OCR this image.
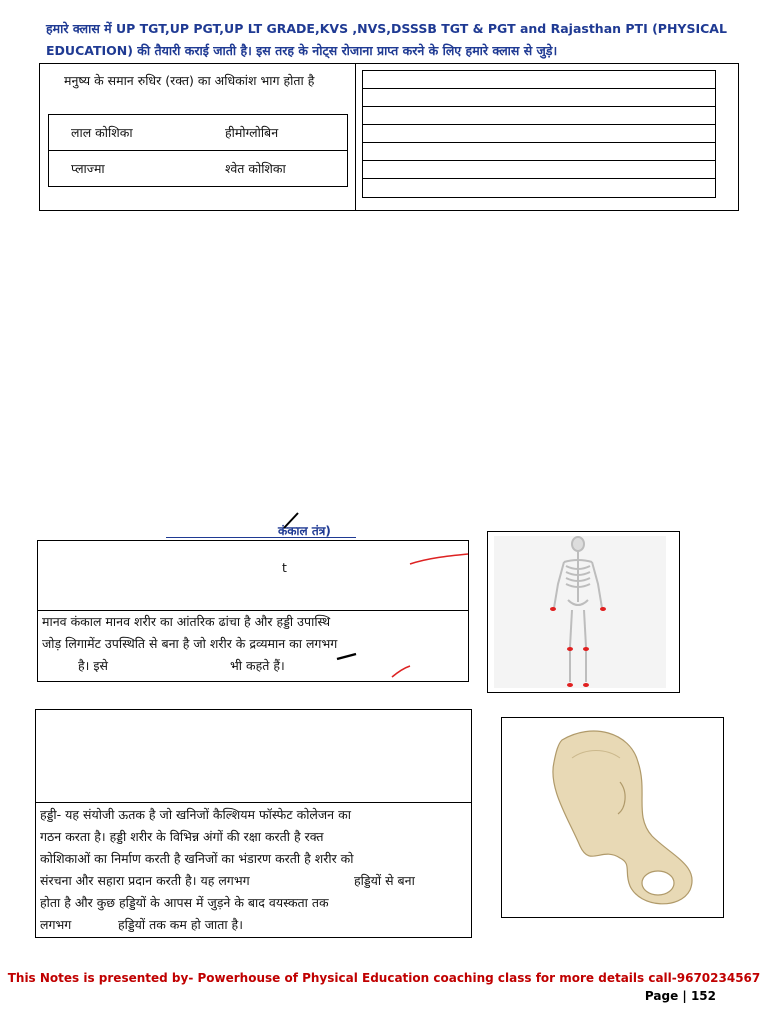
हमारे क्लास में UP TGT,UP PGT,UP LT GRADE,KVS ,NVS,DSSSB TGT & PGT and Rajasthan PTI (PHYSICAL
EDUCATION) की तैयारी कराई जाती है। इस तरह के नोट्स रोजाना प्राप्त करने के लिए हमारे क्लास से जुड़े।
मनुष्य के समान रुधिर (रक्त) का अधिकांश भाग होता है
लाल कोशिका	हीमोग्लोबिन
प्लाज्मा	श्वेत कोशिका
कंकाल तंत्र)
t
मानव कंकाल मानव शरीर का आंतरिक ढांचा है और हड्डी उपास्थि
जोड़ लिगामेंट उपस्थिति से बना है जो शरीर के द्रव्यमान का लगभग
है। इसे	भी कहते हैं।
हड्डी- यह संयोजी ऊतक है जो खनिजों कैल्शियम फॉस्फेट कोलेजन का
गठन करता है। हड्डी शरीर के विभिन्न अंगों की रक्षा करती है रक्त
कोशिकाओं का निर्माण करती है खनिजों का भंडारण करती है शरीर को
संरचना और सहारा प्रदान करती है। यह लगभग	हड्डियों से बना
होता है और कुछ हड्डियों के आपस में जुड़ने के बाद वयस्कता तक
लगभग	हड्डियों तक कम हो जाता है।
This Notes is presented by- Powerhouse of Physical Education coaching class for more details call-9670234567
Page | 152
